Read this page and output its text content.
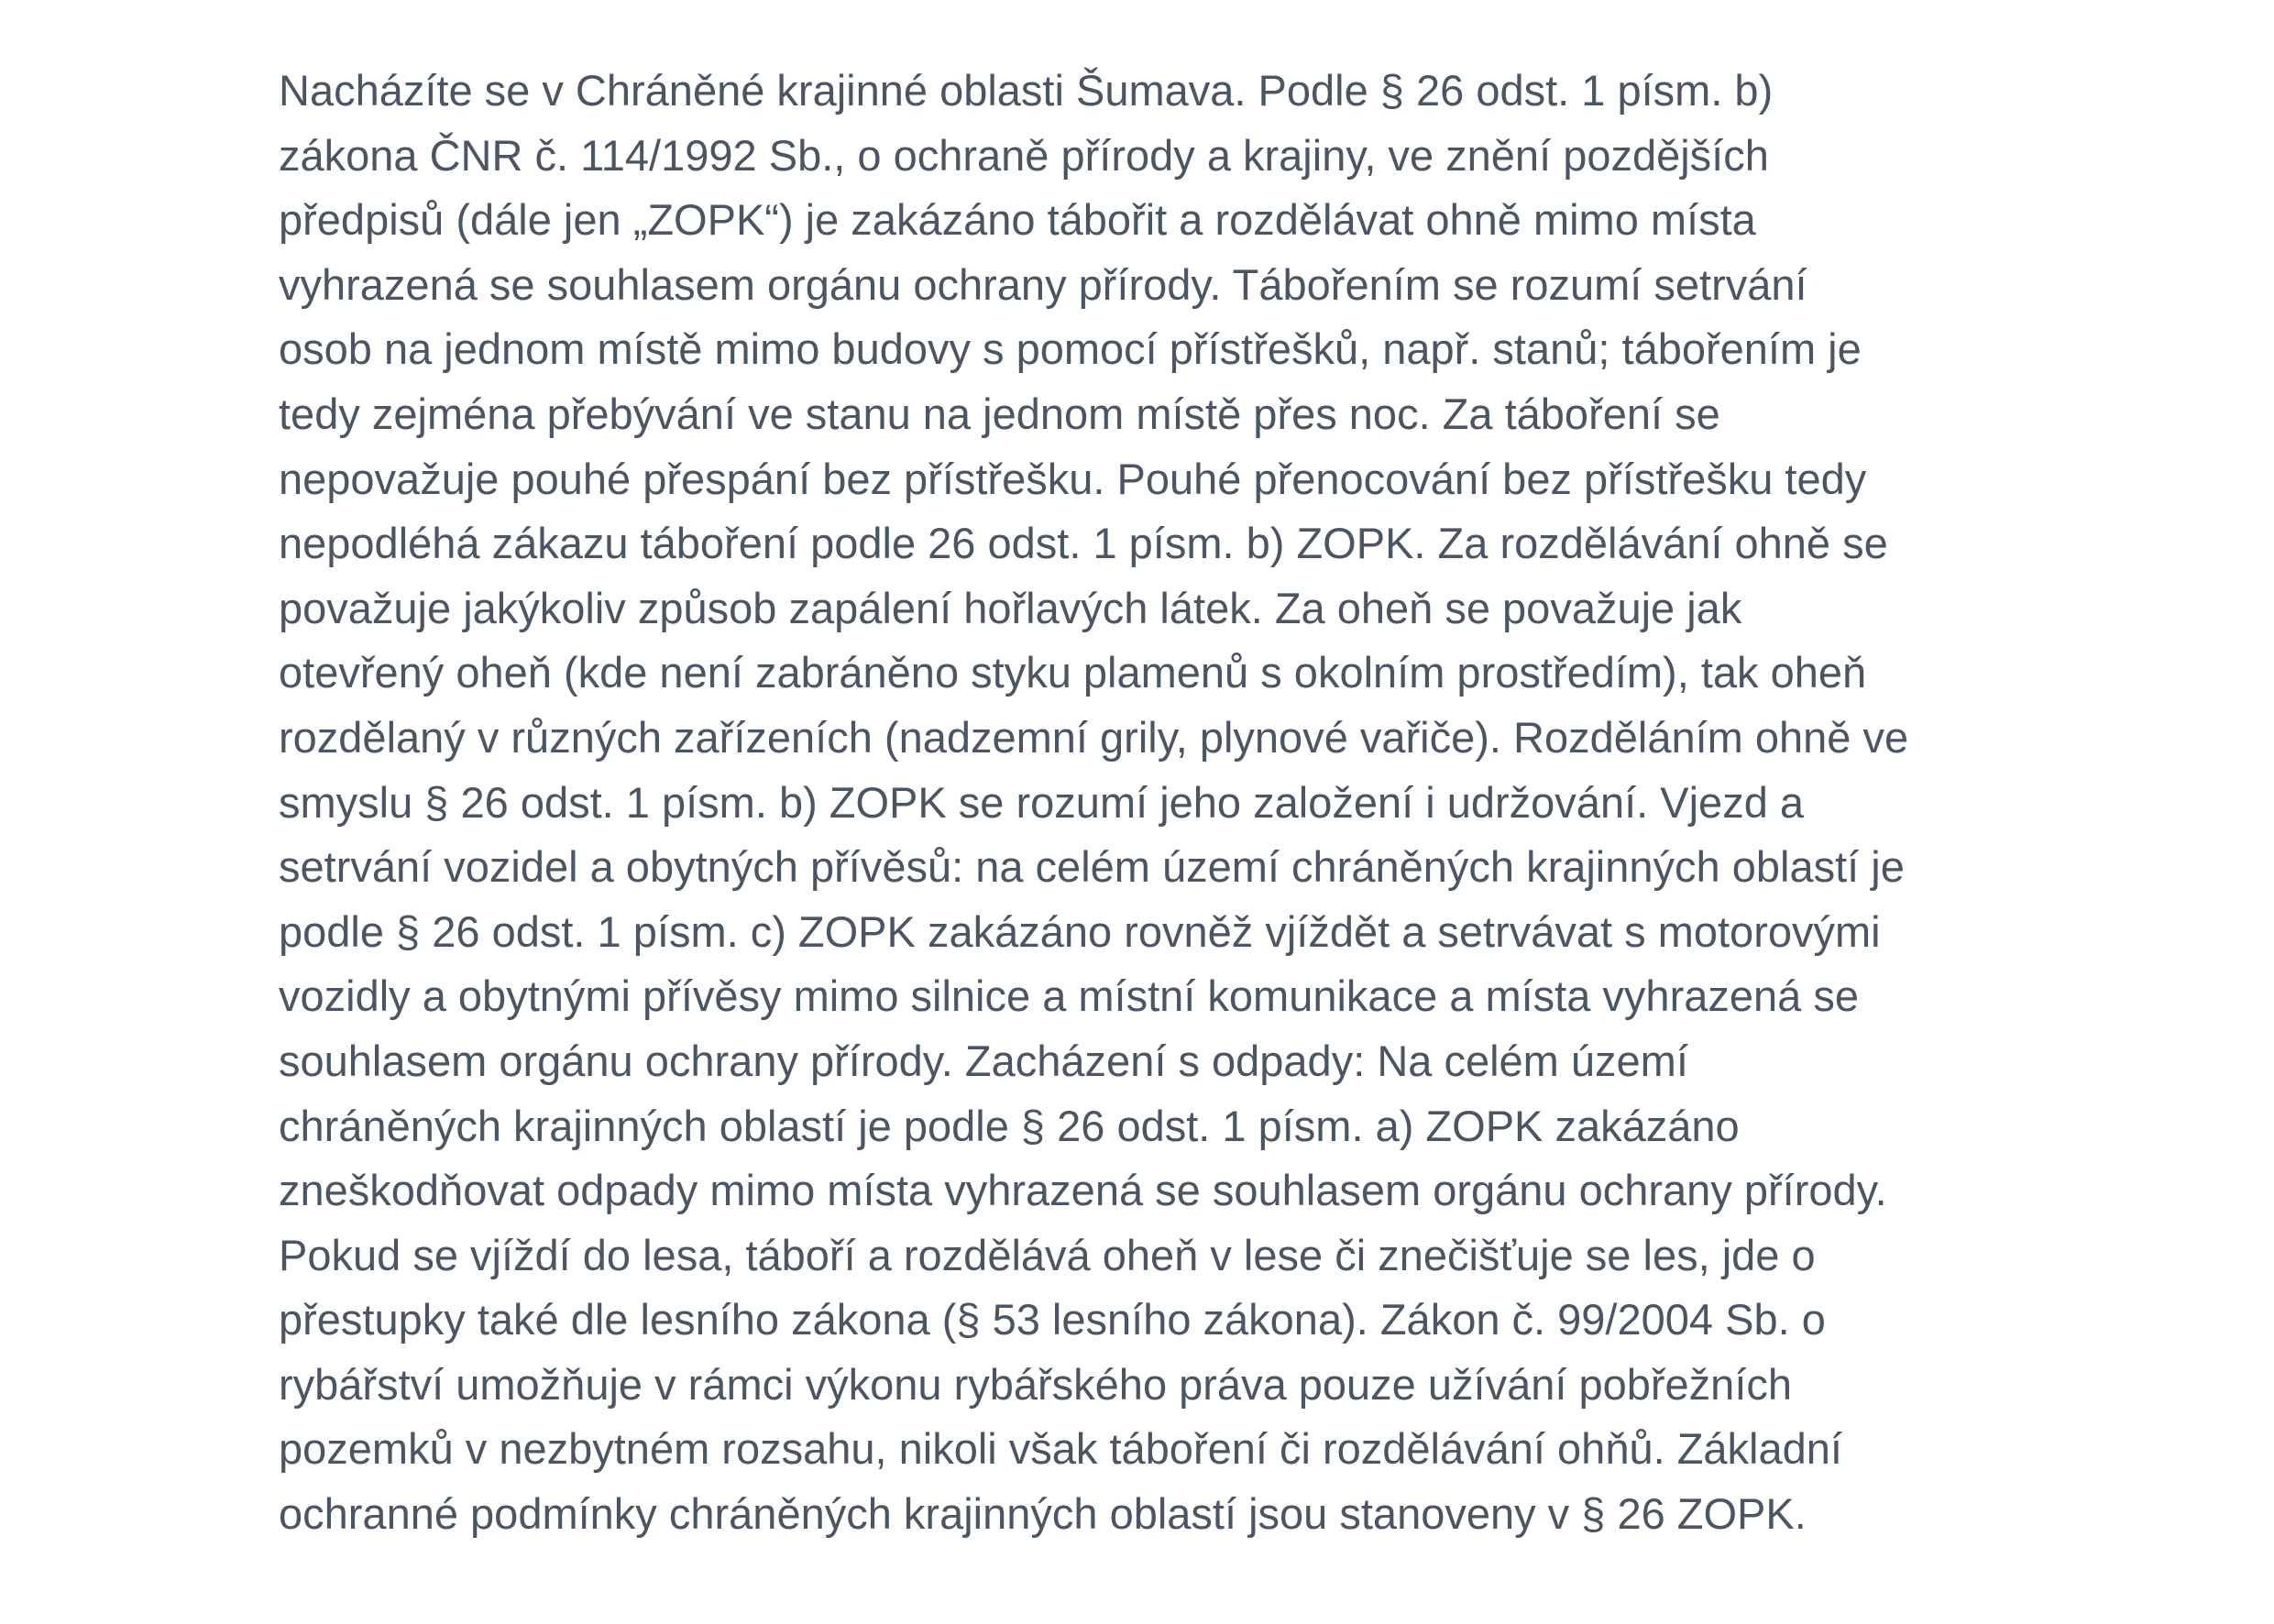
Nacházíte se v Chráněné krajinné oblasti Šumava. Podle § 26 odst. 1 písm. b)
zákona ČNR č. 114/1992 Sb., o ochraně přírody a krajiny, ve znění pozdějších
předpisů (dále jen „ZOPK“) je zakázáno tábořit a rozdělávat ohně mimo místa
vyhrazená se souhlasem orgánu ochrany přírody. Tábořením se rozumí setrvání
osob na jednom místě mimo budovy s pomocí přístřešků, např. stanů; tábořením je
tedy zejména přebývání ve stanu na jednom místě přes noc. Za táboření se
nepovažuje pouhé přespání bez přístřešku. Pouhé přenocování bez přístřešku tedy
nepodléhá zákazu táboření podle 26 odst. 1 písm. b) ZOPK. Za rozdělávání ohně se
považuje jakýkoliv způsob zapálení hořlavých látek. Za oheň se považuje jak
otevřený oheň (kde není zabráněno styku plamenů s okolním prostředím), tak oheň
rozdělaný v různých zařízeních (nadzemní grily, plynové vařiče). Rozděláním ohně ve
smyslu § 26 odst. 1 písm. b) ZOPK se rozumí jeho založení i udržování. Vjezd a
setrvání vozidel a obytných přívěsů: na celém území chráněných krajinných oblastí je
podle § 26 odst. 1 písm. c) ZOPK zakázáno rovněž vjíždět a setrvávat s motorovými
vozidly a obytnými přívěsy mimo silnice a místní komunikace a místa vyhrazená se
souhlasem orgánu ochrany přírody. Zacházení s odpady: Na celém území
chráněných krajinných oblastí je podle § 26 odst. 1 písm. a) ZOPK zakázáno
zneškodňovat odpady mimo místa vyhrazená se souhlasem orgánu ochrany přírody.
Pokud se vjíždí do lesa, táboří a rozdělává oheň v lese či znečišťuje se les, jde o
přestupky také dle lesního zákona (§ 53 lesního zákona). Zákon č. 99/2004 Sb. o
rybářství umožňuje v rámci výkonu rybářského práva pouze užívání pobřežních
pozemků v nezbytném rozsahu, nikoli však táboření či rozdělávání ohňů. Základní
ochranné podmínky chráněných krajinných oblastí jsou stanoveny v § 26 ZOPK.
